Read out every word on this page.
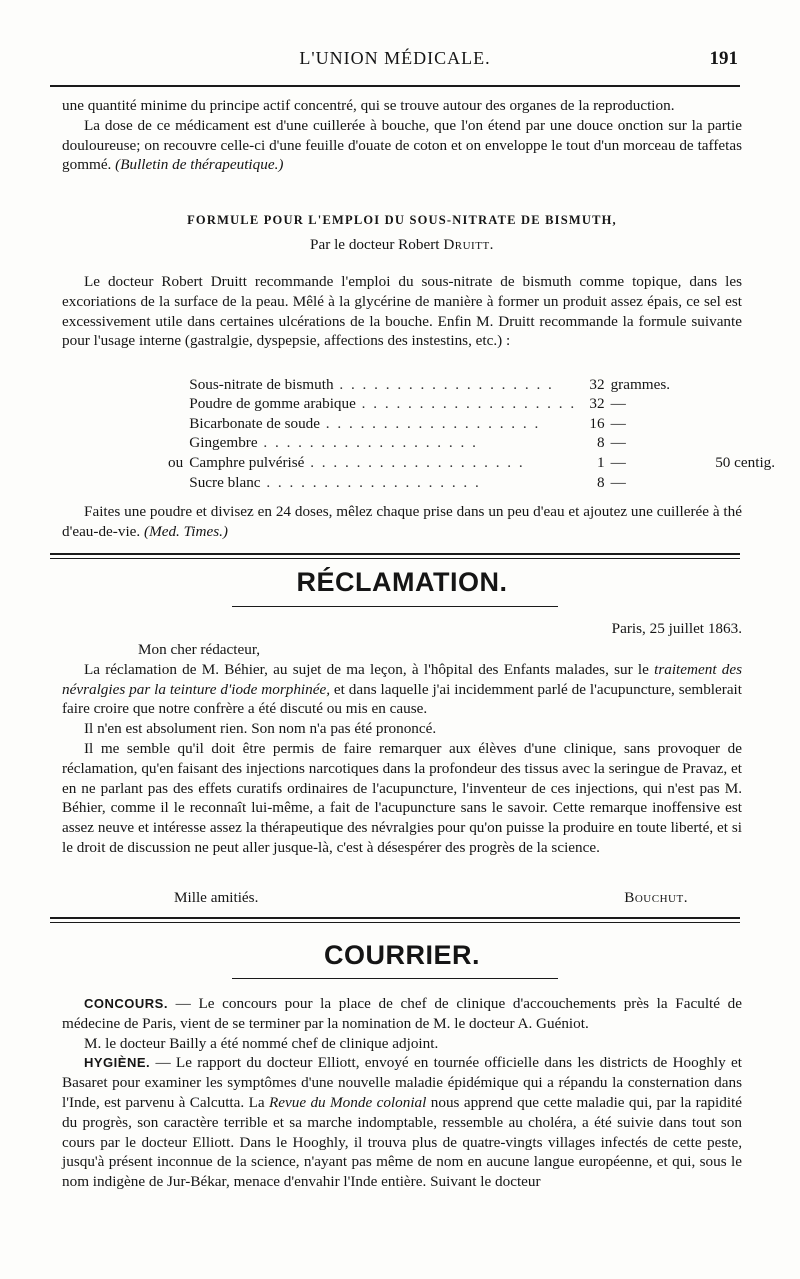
L'UNION MÉDICALE.	191

une quantité minime du principe actif concentré, qui se trouve autour des organes de la reproduction.

La dose de ce médicament est d'une cuillerée à bouche, que l'on étend par une douce onction sur la partie douloureuse; on recouvre celle-ci d'une feuille d'ouate de coton et on enveloppe le tout d'un morceau de taffetas gommé. (Bulletin de thérapeutique.)

FORMULE POUR L'EMPLOI DU SOUS-NITRATE DE BISMUTH,
Par le docteur Robert Druitt.

Le docteur Robert Druitt recommande l'emploi du sous-nitrate de bismuth comme topique, dans les excoriations de la surface de la peau. Mêlé à la glycérine de manière à former un produit assez épais, ce sel est excessivement utile dans certaines ulcérations de la bouche. Enfin M. Druitt recommande la formule suivante pour l'usage interne (gastralgie, dyspepsie, affections des instestins, etc.) :

	Sous-nitrate de bismuth . . . . . . . . . . . . . . . . . . .	32	grammes.	
	Poudre de gomme arabique . . . . . . . . . . . . . . . . . . .	32	—	
	Bicarbonate de soude . . . . . . . . . . . . . . . . . . .	16	—	
	Gingembre . . . . . . . . . . . . . . . . . . .	8	—	
ou	Camphre pulvérisé . . . . . . . . . . . . . . . . . . .	1	—	50 centig.
	Sucre blanc . . . . . . . . . . . . . . . . . . .	8	—	

Faites une poudre et divisez en 24 doses, mêlez chaque prise dans un peu d'eau et ajoutez une cuillerée à thé d'eau-de-vie. (Med. Times.)

RÉCLAMATION.
Paris, 25 juillet 1863.

Mon cher rédacteur,

La réclamation de M. Béhier, au sujet de ma leçon, à l'hôpital des Enfants malades, sur le traitement des névralgies par la teinture d'iode morphinée, et dans laquelle j'ai incidemment parlé de l'acupuncture, semblerait faire croire que notre confrère a été discuté ou mis en cause.

Il n'en est absolument rien. Son nom n'a pas été prononcé.

Il me semble qu'il doit être permis de faire remarquer aux élèves d'une clinique, sans provoquer de réclamation, qu'en faisant des injections narcotiques dans la profondeur des tissus avec la seringue de Pravaz, et en ne parlant pas des effets curatifs ordinaires de l'acupuncture, l'inventeur de ces injections, qui n'est pas M. Béhier, comme il le reconnaît lui-même, a fait de l'acupuncture sans le savoir. Cette remarque inoffensive est assez neuve et intéresse assez la thérapeutique des névralgies pour qu'on puisse la produire en toute liberté, et si le droit de discussion ne peut aller jusque-là, c'est à désespérer des progrès de la science.

Mille amitiés.	Bouchut.
COURRIER.

CONCOURS. — Le concours pour la place de chef de clinique d'accouchements près la Faculté de médecine de Paris, vient de se terminer par la nomination de M. le docteur A. Guéniot.

M. le docteur Bailly a été nommé chef de clinique adjoint.

HYGIÈNE. — Le rapport du docteur Elliott, envoyé en tournée officielle dans les districts de Hooghly et Basaret pour examiner les symptômes d'une nouvelle maladie épidémique qui a répandu la consternation dans l'Inde, est parvenu à Calcutta. La Revue du Monde colonial nous apprend que cette maladie qui, par la rapidité du progrès, son caractère terrible et sa marche indomptable, ressemble au choléra, a été suivie dans tout son cours par le docteur Elliott. Dans le Hooghly, il trouva plus de quatre-vingts villages infectés de cette peste, jusqu'à présent inconnue de la science, n'ayant pas même de nom en aucune langue européenne, et qui, sous le nom indigène de Jur-Békar, menace d'envahir l'Inde entière. Suivant le docteur
